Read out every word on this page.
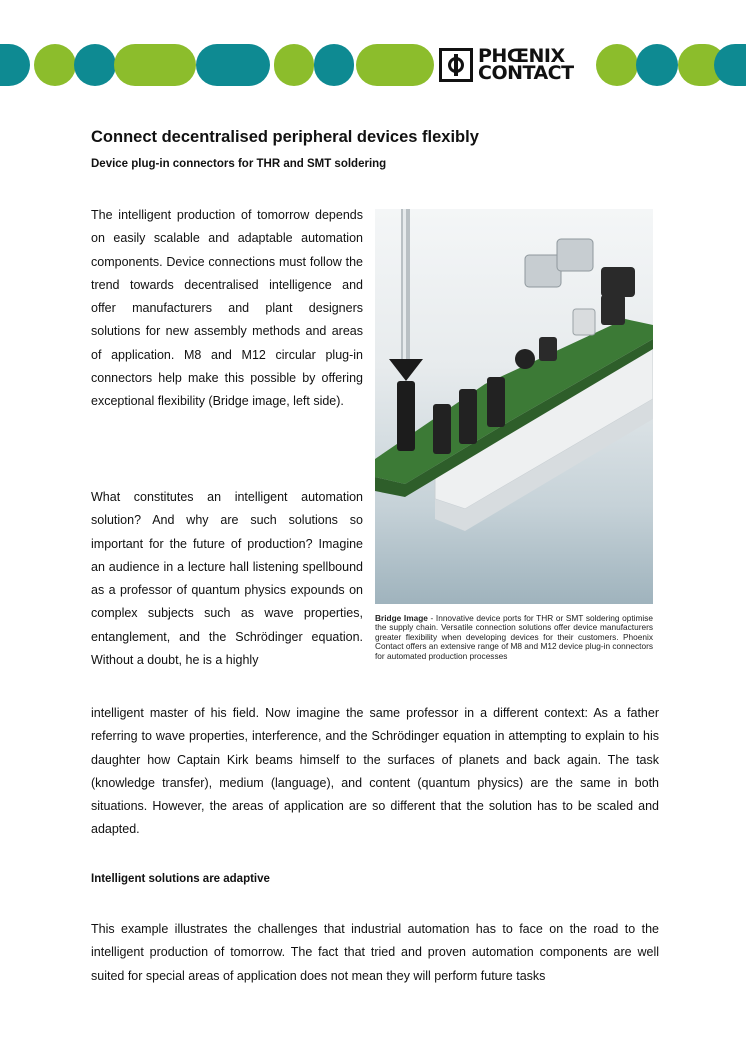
PHŒNIX
CONTACT
Connect decentralised peripheral devices flexibly
Device plug-in connectors for THR and SMT soldering

The intelligent production of tomorrow depends on easily scalable and adaptable automation components. Device connections must follow the trend towards decentralised intelligence and offer manufacturers and plant designers solutions for new assembly methods and areas of application. M8 and M12 circular plug-in connectors help make this possible by offering exceptional flexibility (Bridge image, left side).

What constitutes an intelligent automation solution? And why are such solutions so important for the future of production? Imagine an audience in a lecture hall listening spellbound as a professor of quantum physics expounds on complex subjects such as wave properties, entanglement, and the Schrödinger equation. Without a doubt, he is a highly

Bridge Image - Innovative device ports for THR or SMT soldering optimise the supply chain. Versatile connection solutions offer device manufacturers greater flexibility when developing devices for their customers. Phoenix Contact offers an extensive range of M8 and M12 device plug-in connectors for automated production processes

intelligent master of his field. Now imagine the same professor in a different context: As a father referring to wave properties, interference, and the Schrödinger equation in attempting to explain to his daughter how Captain Kirk beams himself to the surfaces of planets and back again. The task (knowledge transfer), medium (language), and content (quantum physics) are the same in both situations. However, the areas of application are so different that the solution has to be scaled and adapted.

Intelligent solutions are adaptive

This example illustrates the challenges that industrial automation has to face on the road to the intelligent production of tomorrow. The fact that tried and proven automation components are well suited for special areas of application does not mean they will perform future tasks
